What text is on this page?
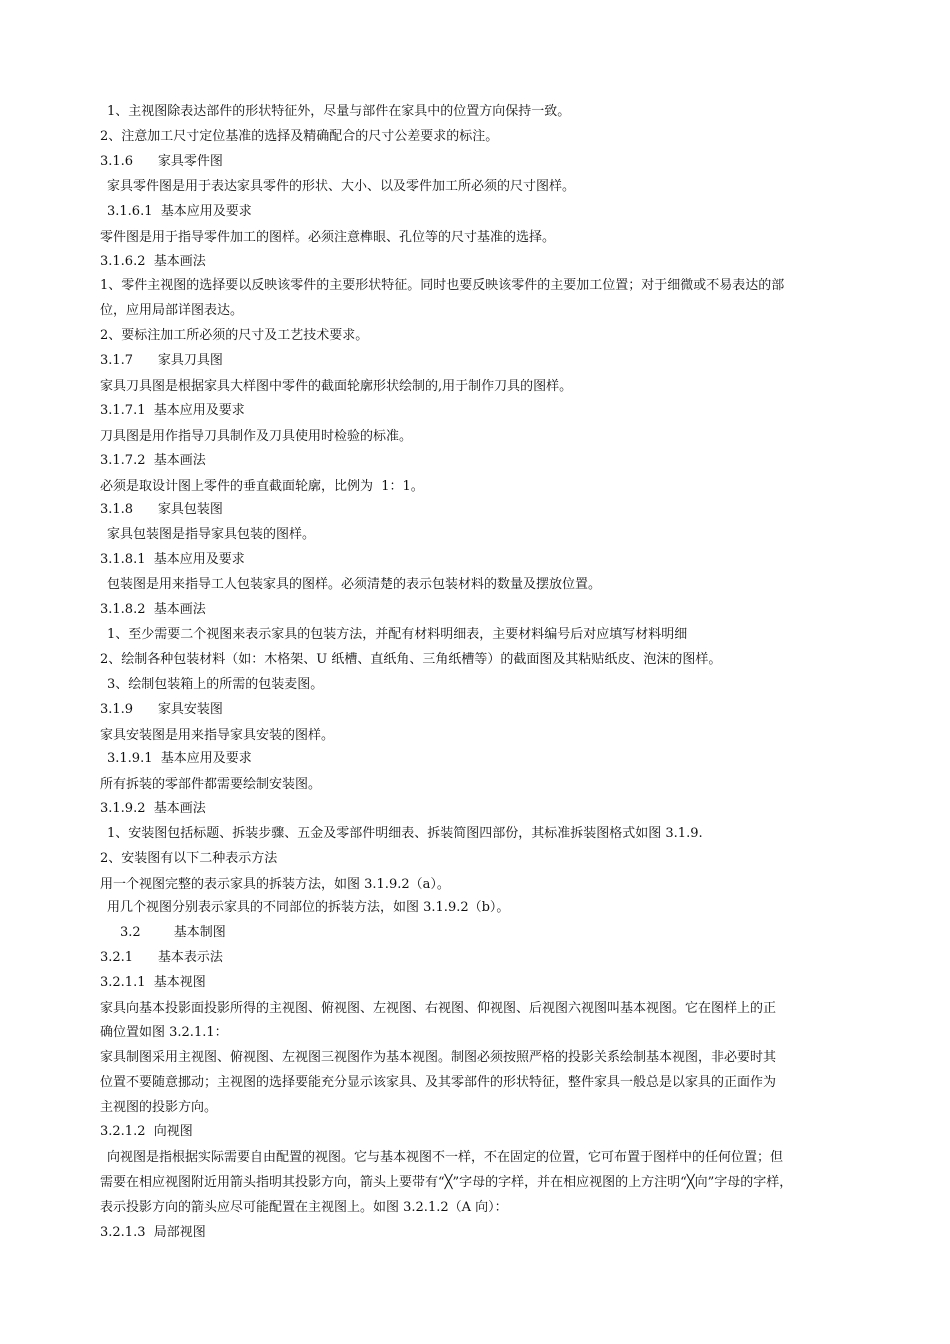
1、主视图除表达部件的形状特征外，尽量与部件在家具中的位置方向保持一致。
2、注意加工尺寸定位基准的选择及精确配合的尺寸公差要求的标注。
3.1.6      家具零件图
家具零件图是用于表达家具零件的形状、大小、以及零件加工所必须的尺寸图样。
3.1.6.1  基本应用及要求
零件图是用于指导零件加工的图样。必须注意榫眼、孔位等的尺寸基准的选择。
3.1.6.2  基本画法
1、零件主视图的选择要以反映该零件的主要形状特征。同时也要反映该零件的主要加工位置；对于细微或不易表达的部
位，应用局部详图表达。
2、要标注加工所必须的尺寸及工艺技术要求。
3.1.7      家具刀具图
家具刀具图是根据家具大样图中零件的截面轮廓形状绘制的,用于制作刀具的图样。
3.1.7.1  基本应用及要求
刀具图是用作指导刀具制作及刀具使用时检验的标准。
3.1.7.2  基本画法
必须是取设计图上零件的垂直截面轮廓，比例为  1：1。
3.1.8      家具包装图
家具包装图是指导家具包装的图样。
3.1.8.1  基本应用及要求
包装图是用来指导工人包装家具的图样。必须清楚的表示包装材料的数量及摆放位置。
3.1.8.2  基本画法
1、至少需要二个视图来表示家具的包装方法，并配有材料明细表，主要材料编号后对应填写材料明细
2、绘制各种包装材料（如：木格架、U 纸槽、直纸角、三角纸槽等）的截面图及其粘贴纸皮、泡沫的图样。
3、绘制包装箱上的所需的包装麦图。
3.1.9      家具安装图
家具安装图是用来指导家具安装的图样。
3.1.9.1  基本应用及要求
所有拆装的零部件都需要绘制安装图。
3.1.9.2  基本画法
1、安装图包括标题、拆装步骤、五金及零部件明细表、拆装简图四部份，其标准拆装图格式如图 3.1.9.
2、安装图有以下二种表示方法
用一个视图完整的表示家具的拆装方法，如图 3.1.9.2（a）。
用几个视图分别表示家具的不同部位的拆装方法，如图 3.1.9.2（b）。
3.2        基本制图
3.2.1      基本表示法
3.2.1.1  基本视图
家具向基本投影面投影所得的主视图、俯视图、左视图、右视图、仰视图、后视图六视图叫基本视图。它在图样上的正
确位置如图 3.2.1.1：
家具制图采用主视图、俯视图、左视图三视图作为基本视图。制图必须按照严格的投影关系绘制基本视图，非必要时其
位置不要随意挪动；主视图的选择要能充分显示该家具、及其零部件的形状特征，整件家具一般总是以家具的正面作为
主视图的投影方向。
3.2.1.2  向视图
向视图是指根据实际需要自由配置的视图。它与基本视图不一样，不在固定的位置，它可布置于图样中的任何位置；但
需要在相应视图附近用箭头指明其投影方向，箭头上要带有“╳”字母的字样，并在相应视图的上方注明“╳向”字母的字样，
表示投影方向的箭头应尽可能配置在主视图上。如图 3.2.1.2（A 向）：
3.2.1.3  局部视图
